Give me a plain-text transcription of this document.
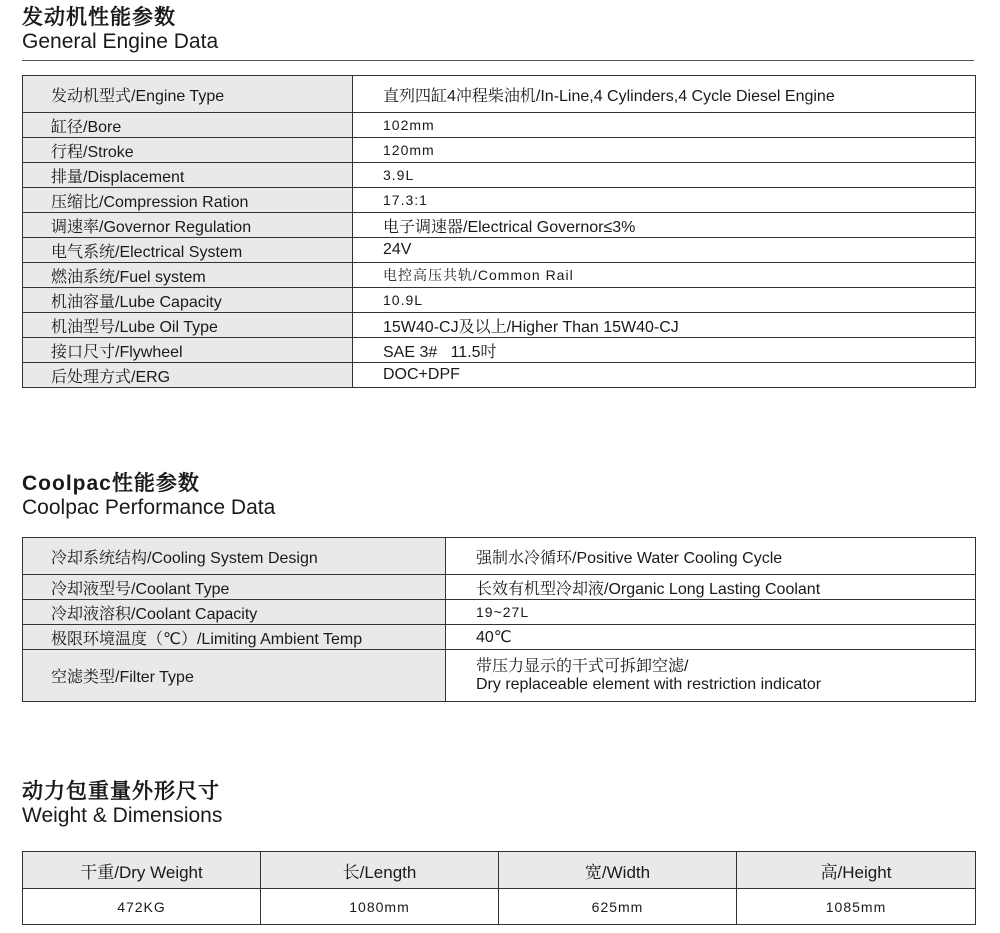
发动机性能参数
General Engine Data
发动机型式/Engine Type	直列四缸4冲程柴油机/In-Line,4 Cylinders,4 Cycle Diesel Engine
缸径/Bore	102mm
行程/Stroke	120mm
排量/Displacement	3.9L
压缩比/Compression Ration	17.3:1
调速率/Governor Regulation	电子调速器/Electrical Governor≤3%
电气系统/Electrical System	24V
燃油系统/Fuel system	电控高压共轨/Common Rail
机油容量/Lube Capacity	10.9L
机油型号/Lube Oil Type	15W40-CJ及以上/Higher Than 15W40-CJ
接口尺寸/Flywheel	SAE 3#   11.5吋
后处理方式/ERG	DOC+DPF
Coolpac性能参数
Coolpac Performance Data
冷却系统结构/Cooling System Design	强制水冷循环/Positive Water Cooling Cycle
冷却液型号/Coolant Type	长效有机型冷却液/Organic Long Lasting Coolant
冷却液溶积/Coolant Capacity	19~27L
极限环境温度（℃）/Limiting Ambient Temp	40℃
空滤类型/Filter Type	带压力显示的干式可拆卸空滤/
Dry replaceable element with restriction indicator
动力包重量外形尺寸
Weight & Dimensions
干重/Dry Weight	长/Length	宽/Width	高/Height
472KG	1080mm	625mm	1085mm
